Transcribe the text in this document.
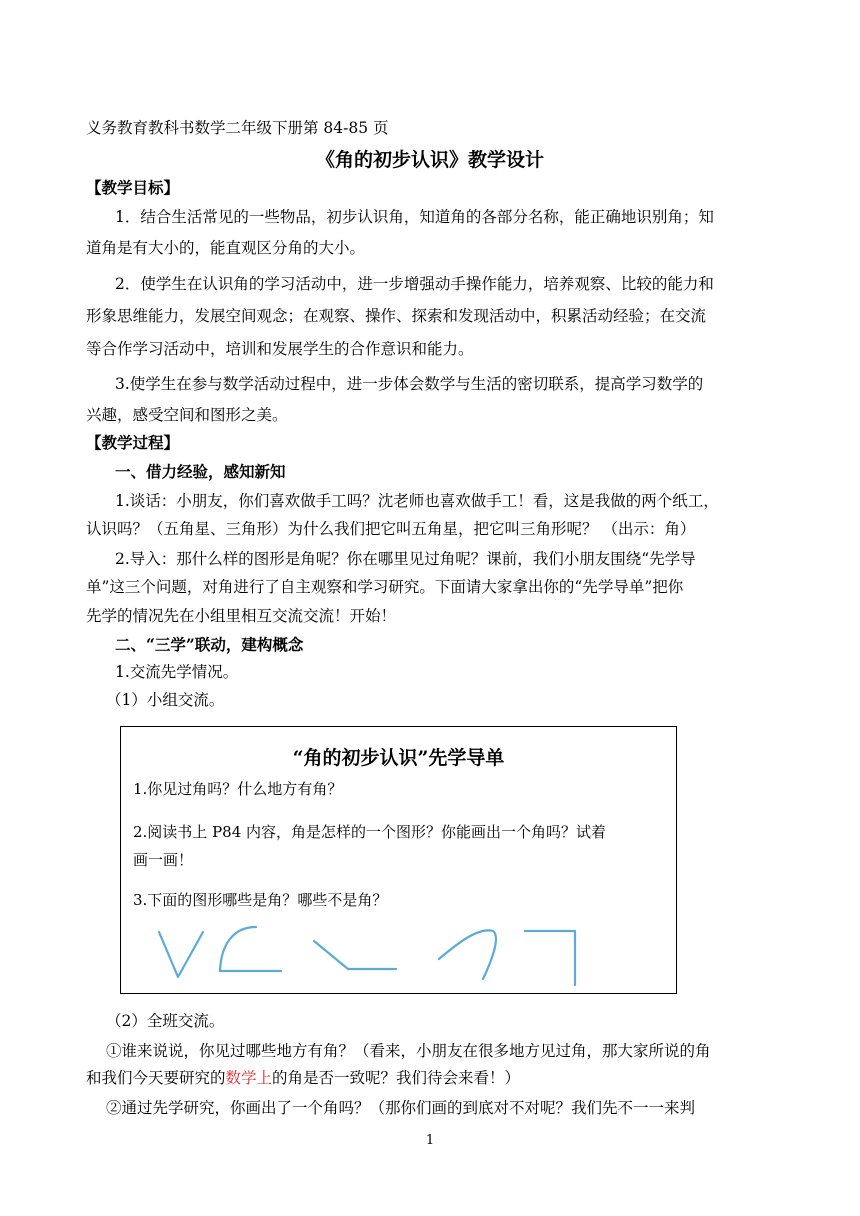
义务教育教科书数学二年级下册第 84-85 页
《角的初步认识》教学设计
【教学目标】
1．结合生活常见的一些物品，初步认识角，知道角的各部分名称，能正确地识别角；知
道角是有大小的，能直观区分角的大小。
2．使学生在认识角的学习活动中，进一步增强动手操作能力，培养观察、比较的能力和
形象思维能力，发展空间观念；在观察、操作、探索和发现活动中，积累活动经验；在交流
等合作学习活动中，培训和发展学生的合作意识和能力。
3.使学生在参与数学活动过程中，进一步体会数学与生活的密切联系，提高学习数学的
兴趣，感受空间和图形之美。
【教学过程】
一、借力经验，感知新知
1.谈话：小朋友，你们喜欢做手工吗？沈老师也喜欢做手工！看，这是我做的两个纸工，
认识吗？（五角星、三角形）为什么我们把它叫五角星，把它叫三角形呢？ （出示：角）
2.导入：那什么样的图形是角呢？你在哪里见过角呢？课前，我们小朋友围绕“先学导
单”这三个问题，对角进行了自主观察和学习研究。下面请大家拿出你的“先学导单”把你
先学的情况先在小组里相互交流交流！开始！
二、“三学”联动，建构概念
1.交流先学情况。
（1）小组交流。
“角的初步认识”先学导单
1.你见过角吗？什么地方有角？
2.阅读书上 P84 内容，角是怎样的一个图形？你能画出一个角吗？试着
画一画！
3.下面的图形哪些是角？哪些不是角？
（2）全班交流。
①谁来说说，你见过哪些地方有角？（看来，小朋友在很多地方见过角，那大家所说的角
和我们今天要研究的数学上的角是否一致呢？我们待会来看！）
②通过先学研究，你画出了一个角吗？（那你们画的到底对不对呢？我们先不一一来判
1
